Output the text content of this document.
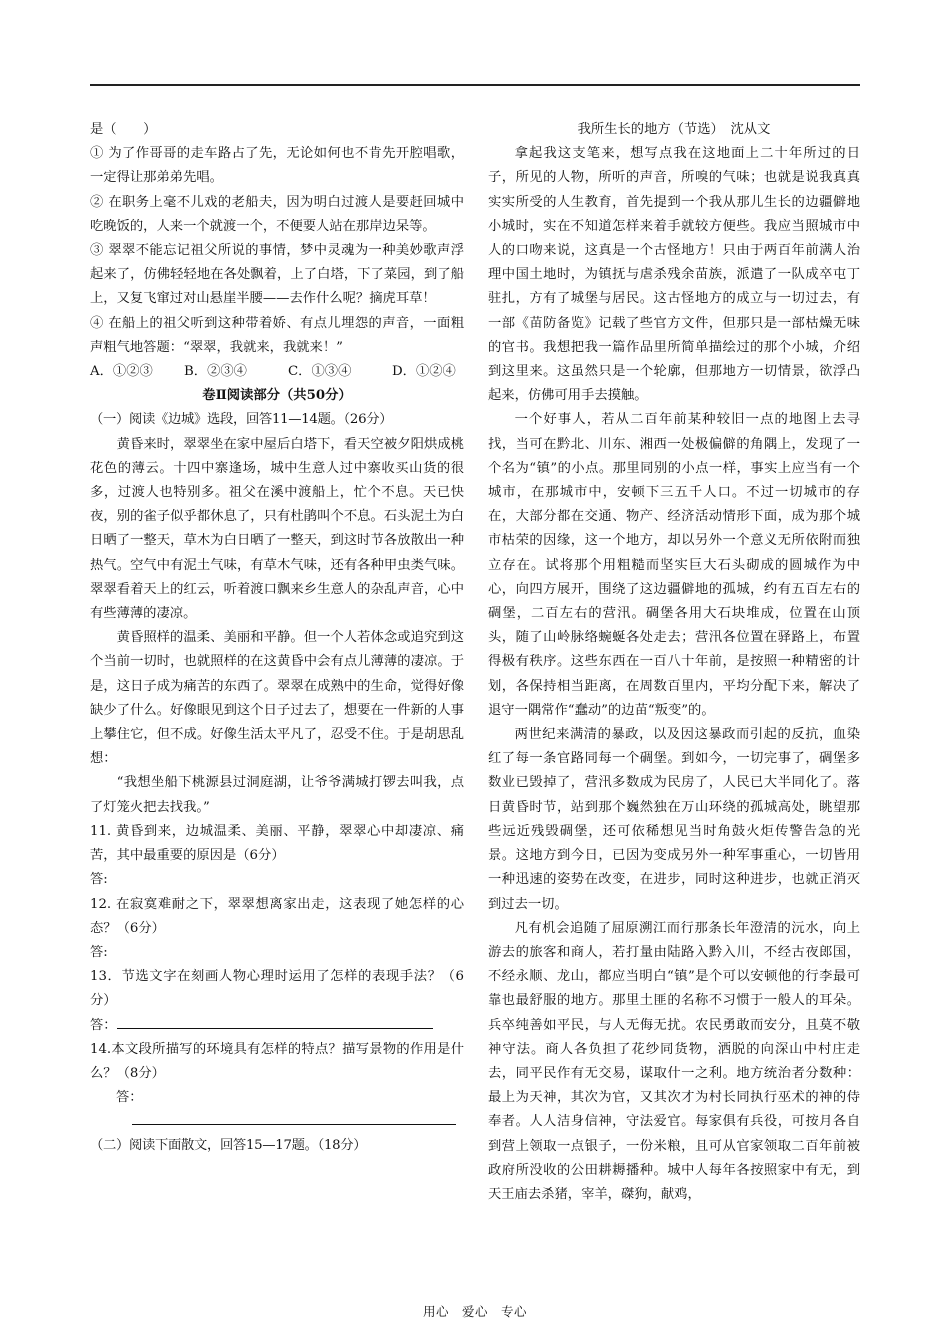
是（　　）

① 为了作哥哥的走车路占了先，无论如何也不肯先开腔唱歌，一定得让那弟弟先唱。

② 在职务上毫不儿戏的老船夫，因为明白过渡人是要赶回城中吃晚饭的，人来一个就渡一个，不便要人站在那岸边呆等。

③ 翠翠不能忘记祖父所说的事情，梦中灵魂为一种美妙歌声浮起来了，仿佛轻轻地在各处飘着，上了白塔，下了菜园，到了船上，又复飞窜过对山悬崖半腰——去作什么呢？摘虎耳草！

④ 在船上的祖父听到这种带着娇、有点儿埋怨的声音，一面粗声粗气地答题：“翠翠，我就来，我就来！”

A．①②③	B．②③④	C．①③④	D．①②④

卷Ⅱ阅读部分（共50分）

（一）阅读《边城》选段，回答11—14题。（26分）

黄昏来时，翠翠坐在家中屋后白塔下，看天空被夕阳烘成桃花色的薄云。十四中寨逢场，城中生意人过中寨收买山货的很多，过渡人也特别多。祖父在溪中渡船上，忙个不息。天已快夜，别的雀子似乎都休息了，只有杜鹃叫个不息。石头泥土为白日晒了一整天，草木为白日晒了一整天，到这时节各放散出一种热气。空气中有泥土气味，有草木气味，还有各种甲虫类气味。翠翠看着天上的红云，听着渡口飘来乡生意人的杂乱声音，心中有些薄薄的凄凉。

黄昏照样的温柔、美丽和平静。但一个人若体念或追究到这个当前一切时，也就照样的在这黄昏中会有点儿薄薄的凄凉。于是，这日子成为痛苦的东西了。翠翠在成熟中的生命，觉得好像缺少了什么。好像眼见到这个日子过去了，想要在一件新的人事上攀住它，但不成。好像生活太平凡了，忍受不住。于是胡思乱想：

“我想坐船下桃源县过洞庭湖，让爷爷满城打锣去叫我，点了灯笼火把去找我。”

11. 黄昏到来，边城温柔、美丽、平静，翠翠心中却凄凉、痛苦，其中最重要的原因是（6分）

答:

12. 在寂寞难耐之下，翠翠想离家出走，这表现了她怎样的心态？（6分）

答:

13．节选文字在刻画人物心理时运用了怎样的表现手法？（6分）

答：

14.本文段所描写的环境具有怎样的特点？描写景物的作用是什么？（8分）

答：

（二）阅读下面散文，回答15—17题。（18分）

我所生长的地方（节选）　沈从文

拿起我这支笔来，想写点我在这地面上二十年所过的日子，所见的人物，所听的声音，所嗅的气味；也就是说我真真实实所受的人生教育，首先提到一个我从那儿生长的边疆僻地小城时，实在不知道怎样来着手就较方便些。我应当照城市中人的口吻来说，这真是一个古怪地方！只由于两百年前满人治理中国土地时，为镇抚与虐杀残余苗族，派遣了一队成卒屯丁驻扎，方有了城堡与居民。这古怪地方的成立与一切过去，有一部《苗防备览》记载了些官方文件，但那只是一部枯燥无味的官书。我想把我一篇作品里所简单描绘过的那个小城，介绍到这里来。这虽然只是一个轮廓，但那地方一切情景，欲浮凸起来，仿佛可用手去摸触。

一个好事人，若从二百年前某种较旧一点的地图上去寻找，当可在黔北、川东、湘西一处极偏僻的角隅上，发现了一个名为“镇”的小点。那里同别的小点一样，事实上应当有一个城市，在那城市中，安顿下三五千人口。不过一切城市的存在，大部分都在交通、物产、经济活动情形下面，成为那个城市枯荣的因缘，这一个地方，却以另外一个意义无所依附而独立存在。试将那个用粗糙而坚实巨大石头砌成的圆城作为中心，向四方展开，围绕了这边疆僻地的孤城，约有五百左右的碉堡，二百左右的营汛。碉堡各用大石块堆成，位置在山顶头，随了山岭脉络蜿蜒各处走去；营汛各位置在驿路上，布置得极有秩序。这些东西在一百八十年前，是按照一种精密的计划，各保持相当距离，在周数百里内，平均分配下来，解决了退守一隅常作“蠢动”的边苗“叛变”的。

两世纪来满清的暴政，以及因这暴政而引起的反抗，血染红了每一条官路同每一个碉堡。到如今，一切完事了，碉堡多数业已毁掉了，营汛多数成为民房了，人民已大半同化了。落日黄昏时节，站到那个巍然独在万山环绕的孤城高处，眺望那些远近残毁碉堡，还可依稀想见当时角鼓火炬传警告急的光景。这地方到今日，已因为变成另外一种军事重心，一切皆用一种迅速的姿势在改变，在进步，同时这种进步，也就正消灭到过去一切。

凡有机会追随了屈原溯江而行那条长年澄清的沅水，向上游去的旅客和商人，若打量由陆路入黔入川，不经古夜郎国，不经永顺、龙山，都应当明白“镇”是个可以安顿他的行李最可靠也最舒服的地方。那里土匪的名称不习惯于一般人的耳朵。兵卒纯善如平民，与人无侮无扰。农民勇敢而安分，且莫不敬神守法。商人各负担了花纱同货物，洒脱的向深山中村庄走去，同平民作有无交易，谋取什一之利。地方统治者分数种：最上为天神，其次为官，又其次才为村长同执行巫术的神的侍奉者。人人洁身信神，守法爱官。每家俱有兵役，可按月各自到营上领取一点银子，一份米粮，且可从官家领取二百年前被政府所没收的公田耕耨播种。城中人每年各按照家中有无，到天王庙去杀猪，宰羊，磔狗，献鸡，

用心　爱心　专心
